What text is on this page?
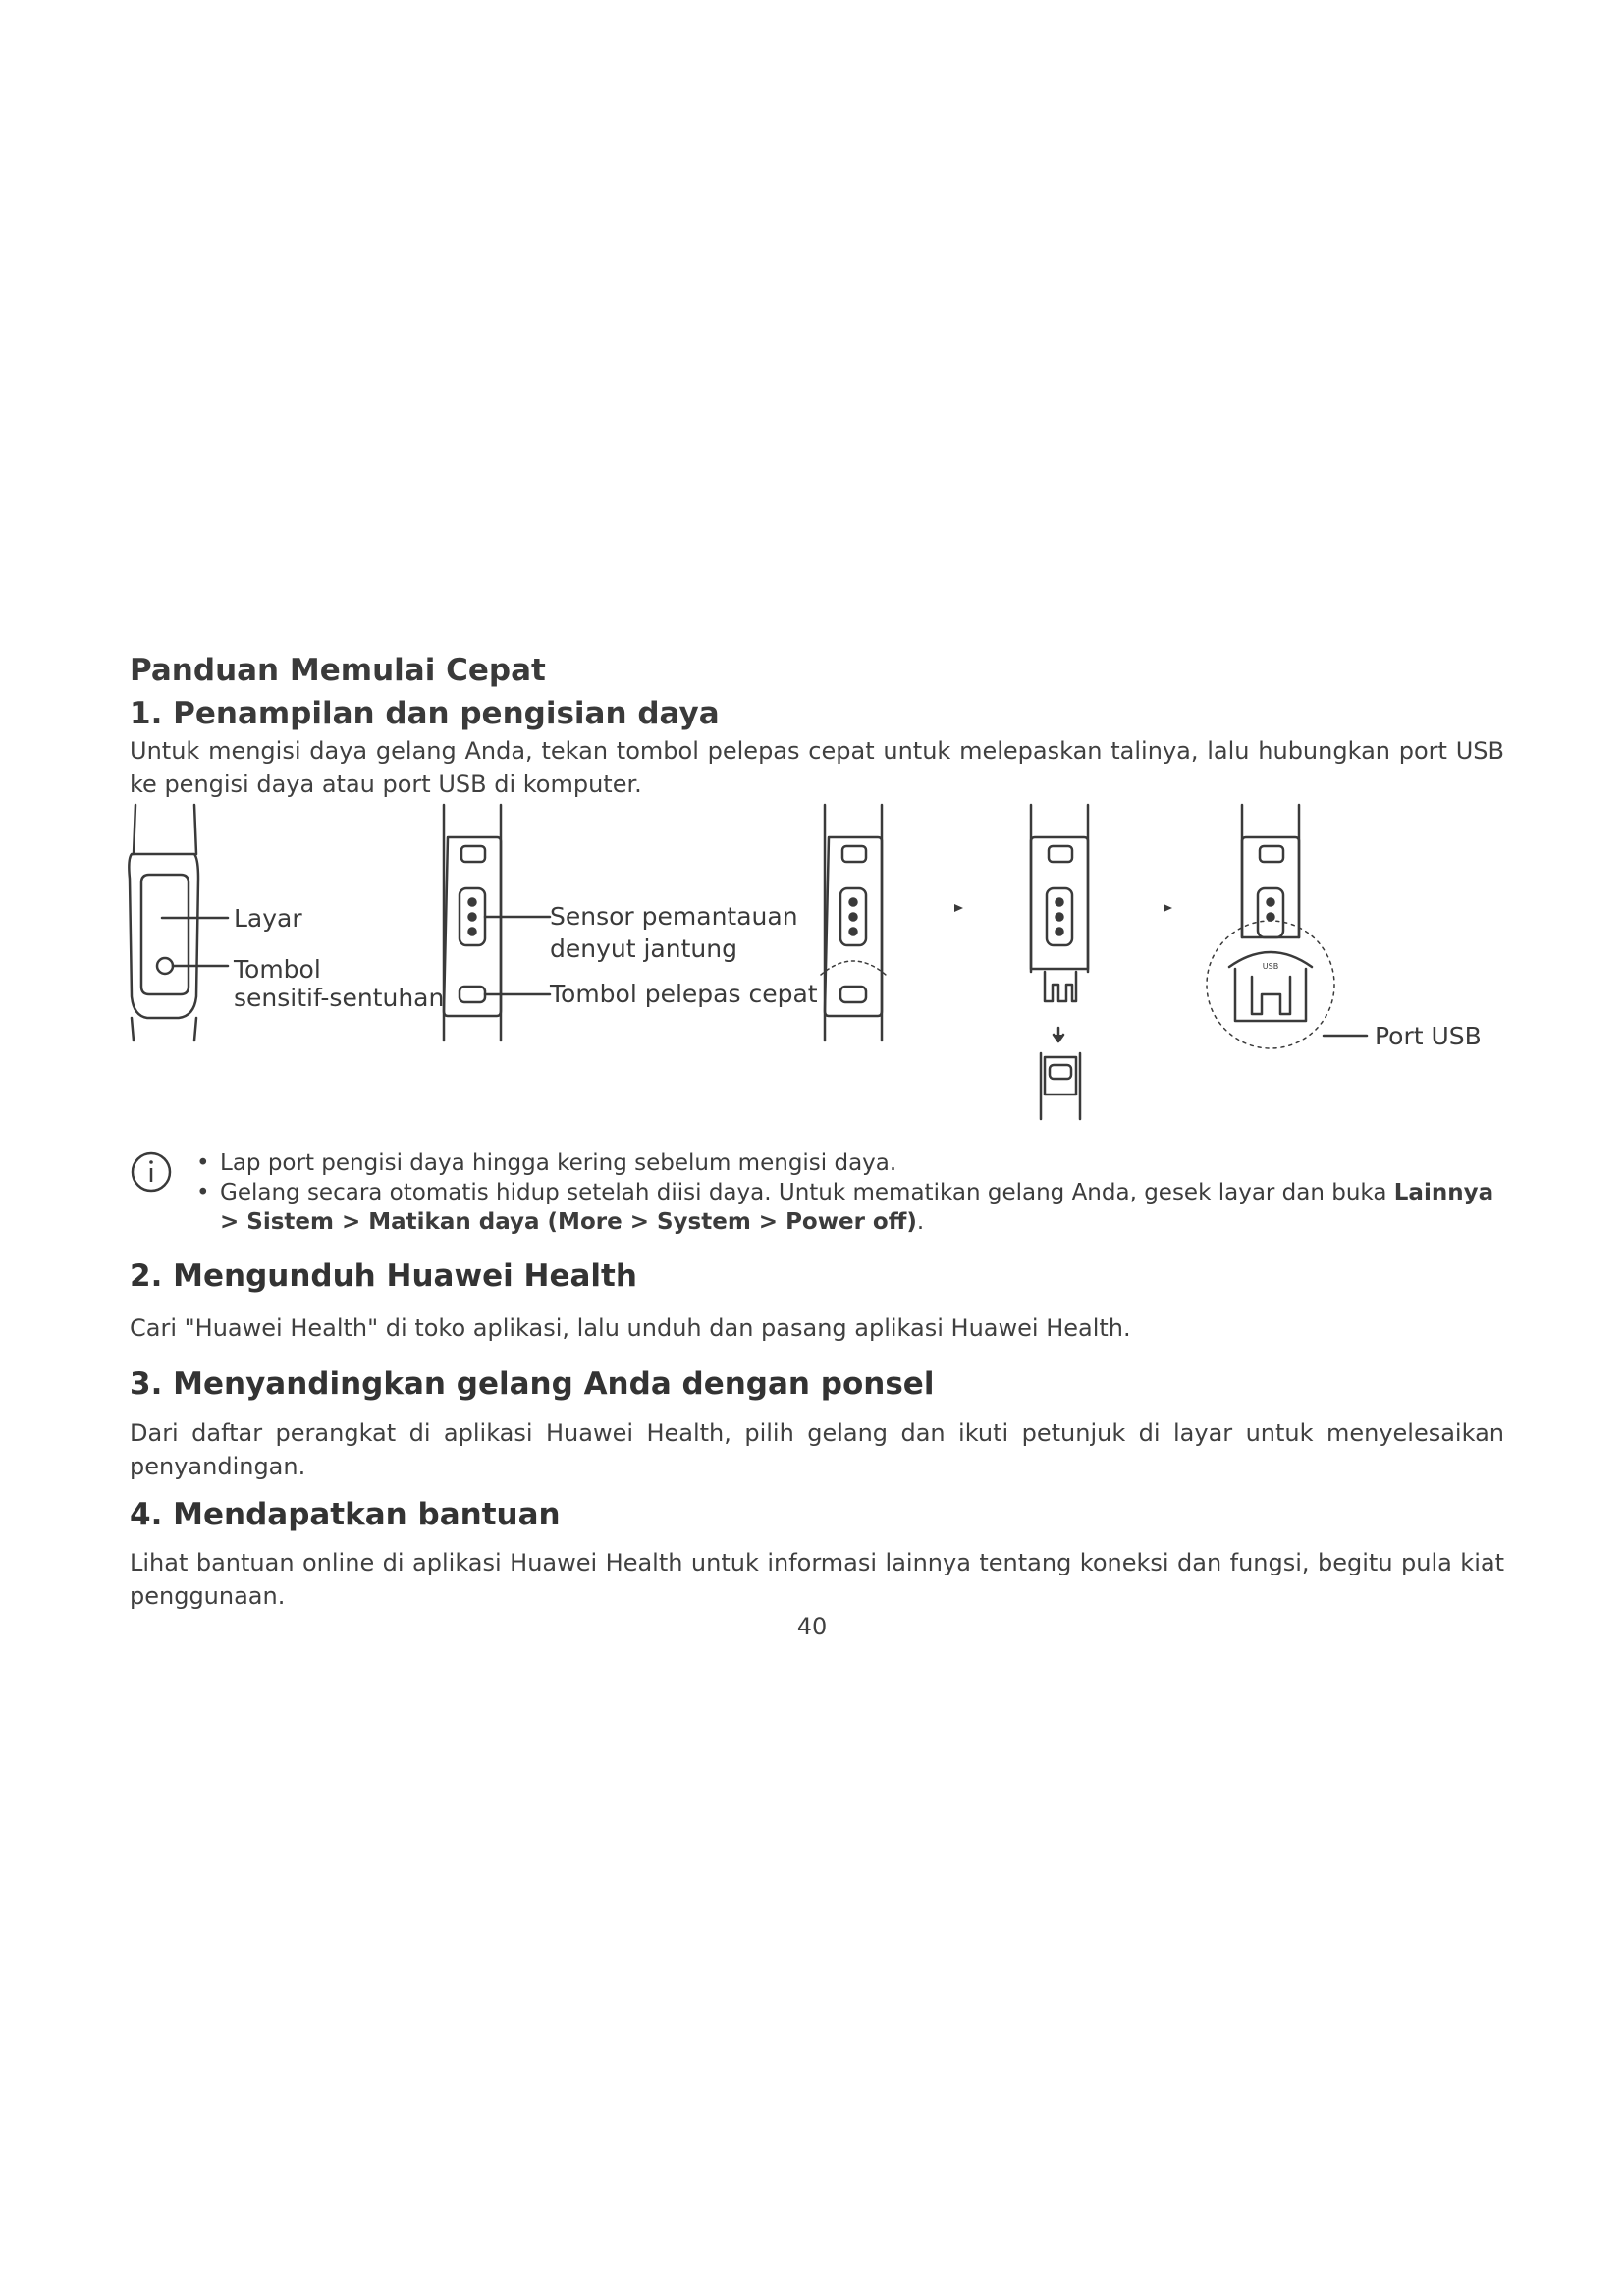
Panduan Memulai Cepat
1. Penampilan dan pengisian daya

Untuk mengisi daya gelang Anda, tekan tombol pelepas cepat untuk melepaskan talinya, lalu hubungkan port USB ke pengisi daya atau port USB di komputer.

Layar
Tombol
sensitif-sentuhan
Sensor pemantauan
denyut jantung
Tombol pelepas cepat
USB
Port USB
• Lap port pengisi daya hingga kering sebelum mengisi daya.
• Gelang secara otomatis hidup setelah diisi daya. Untuk mematikan gelang Anda, gesek layar dan buka Lainnya > Sistem > Matikan daya (More > System > Power off).
2. Mengunduh Huawei Health

Cari "Huawei Health" di toko aplikasi, lalu unduh dan pasang aplikasi Huawei Health.

3. Menyandingkan gelang Anda dengan ponsel

Dari daftar perangkat di aplikasi Huawei Health, pilih gelang dan ikuti petunjuk di layar untuk menyelesaikan penyandingan.

4. Mendapatkan bantuan

Lihat bantuan online di aplikasi Huawei Health untuk informasi lainnya tentang koneksi dan fungsi, begitu pula kiat penggunaan.

40
